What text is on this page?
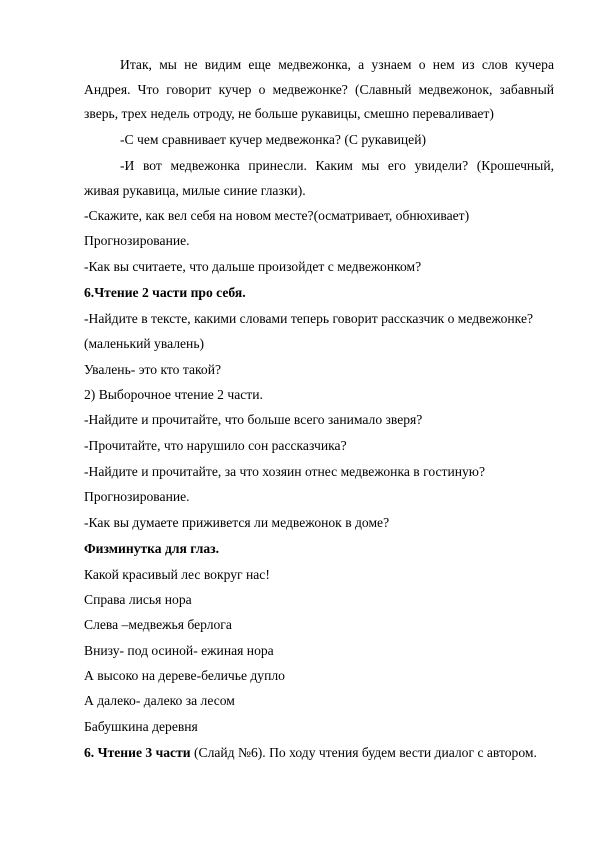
Итак, мы не видим еще медвежонка, а узнаем о нем из слов кучера
Андрея. Что говорит кучер о медвежонке? (Славный медвежонок, забавный
зверь, трех недель отроду, не больше рукавицы, смешно переваливает)
-С чем сравнивает кучер медвежонка? (С рукавицей)
-И вот медвежонка принесли. Каким мы его увидели? (Крошечный,
живая рукавица, милые синие глазки).
-Скажите, как вел себя на новом месте?(осматривает, обнюхивает)
Прогнозирование.
-Как вы считаете, что дальше произойдет с медвежонком?
6.Чтение 2 части про себя.
-Найдите в тексте, какими словами теперь говорит рассказчик о медвежонке?
(маленький увалень)
Увалень- это кто такой?
2) Выборочное чтение 2 части.
-Найдите и прочитайте, что больше всего занимало зверя?
-Прочитайте, что нарушило сон рассказчика?
-Найдите и прочитайте, за что хозяин отнес медвежонка в гостиную?
Прогнозирование.
-Как вы думаете приживется ли медвежонок в доме?
Физминутка для глаз.
Какой красивый лес вокруг нас!
Справа лисья нора
Слева –медвежья берлога
Внизу- под осиной- ежиная нора
А высоко на дереве-беличье дупло
А далеко- далеко за лесом
Бабушкина деревня
6. Чтение 3 части (Слайд №6). По ходу чтения будем вести диалог с автором.
